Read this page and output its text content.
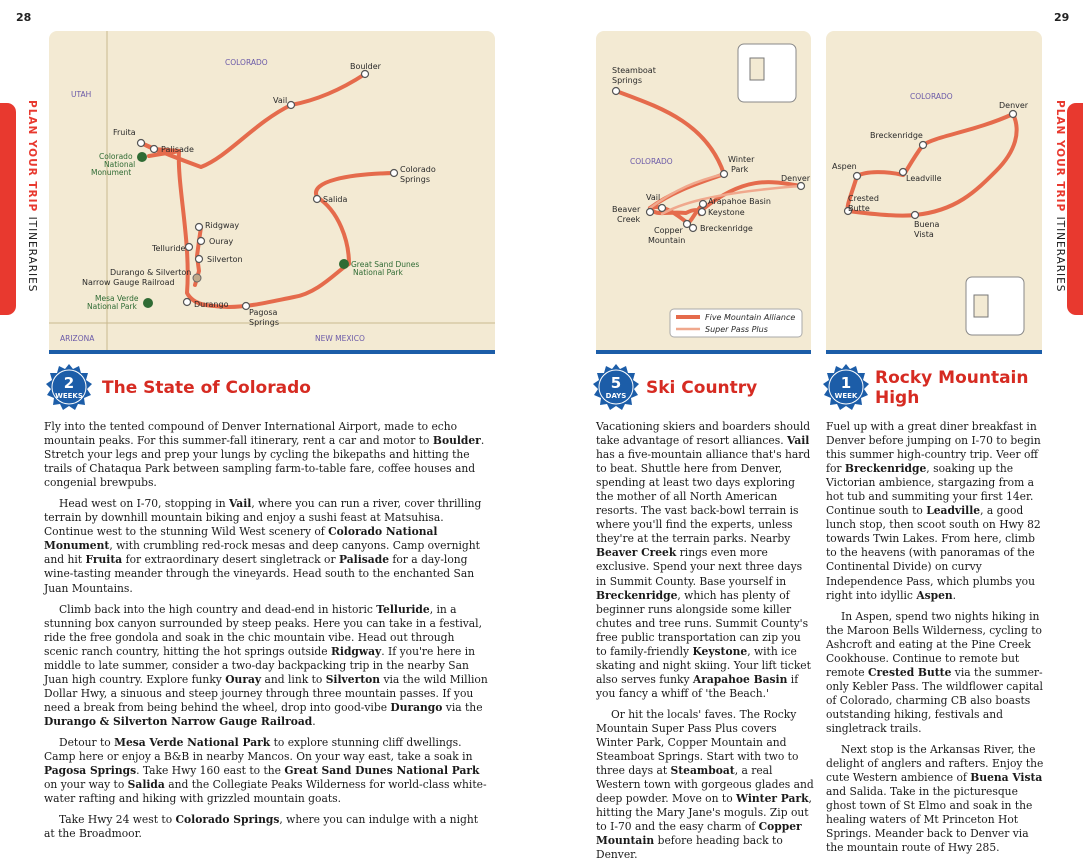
28	29
PLAN YOUR TRIP ITINERARIES
PLAN YOUR TRIP ITINERARIES
COLORADO
UTAH
ARIZONA	NEW MEXICO
Boulder
Vail
Fruita
Palisade
Colorado
Springs
Salida
Ridgway
Ouray
Telluride
Silverton
Durango & Silverton
Narrow Gauge Railroad
Durango
Pagosa
Springs
Colorado
National
Monument
Great Sand Dunes
National Park
Mesa Verde
National Park
COLORADO
Steamboat
Springs
Winter
Park
Denver
Vail
Beaver
Creek
Arapahoe Basin
Keystone
Copper
Mountain
Breckenridge
Five Mountain Alliance
Super Pass Plus
COLORADO
Denver
Breckenridge
Aspen
Leadville
Crested
Butte
Buena
Vista
2
WEEKS The State of Colorado	5
DAYS Ski Country	1
WEEK
Rocky Mountain
High

Fly into the tented compound of Denver International Airport, made to echo mountain peaks. For this summer-fall itinerary, rent a car and motor to Boulder. Stretch your legs and prep your lungs by cycling the bikepaths and hitting the trails of Chataqua Park between sampling farm-to-table fare, coffee houses and congenial brewpubs.

Head west on I-70, stopping in Vail, where you can run a river, cover thrilling terrain by downhill mountain biking and enjoy a sushi feast at Matsuhisa. Continue west to the stunning Wild West scenery of Colorado National Monument, with crumbling red-rock mesas and deep canyons. Camp overnight and hit Fruita for extraordinary desert singletrack or Palisade for a day-long wine-tasting meander through the vineyards. Head south to the enchanted San Juan Mountains.

Climb back into the high country and dead-end in historic Telluride, in a stunning box canyon surrounded by steep peaks. Here you can take in a festival, ride the free gondola and soak in the chic mountain vibe. Head out through scenic ranch country, hitting the hot springs outside Ridgway. If you're here in middle to late summer, consider a two-day backpacking trip in the nearby San Juan high country. Explore funky Ouray and link to Silverton via the wild Million Dollar Hwy, a sinuous and steep journey through three mountain passes. If you need a break from being behind the wheel, drop into good-vibe Durango via the Durango & Silverton Narrow Gauge Railroad.

Detour to Mesa Verde National Park to explore stunning cliff dwellings. Camp here or enjoy a B&B in nearby Mancos. On your way east, take a soak in Pagosa Springs. Take Hwy 160 east to the Great Sand Dunes National Park on your way to Salida and the Collegiate Peaks Wilderness for world-class white-water rafting and hiking with grizzled mountain goats.

Take Hwy 24 west to Colorado Springs, where you can indulge with a night at the Broadmoor.

Vacationing skiers and boarders should take advantage of resort alliances. Vail has a five-mountain alliance that's hard to beat. Shuttle here from Denver, spending at least two days exploring the mother of all North American resorts. The vast back-bowl terrain is where you'll find the experts, unless they're at the terrain parks. Nearby Beaver Creek rings even more exclusive. Spend your next three days in Summit County. Base yourself in Breckenridge, which has plenty of beginner runs alongside some killer chutes and tree runs. Summit County's free public transportation can zip you to family-friendly Keystone, with ice skating and night skiing. Your lift ticket also serves funky Arapahoe Basin if you fancy a whiff of 'the Beach.'

Or hit the locals' faves. The Rocky Mountain Super Pass Plus covers Winter Park, Copper Mountain and Steamboat Springs. Start with two to three days at Steamboat, a real Western town with gorgeous glades and deep powder. Move on to Winter Park, hitting the Mary Jane's moguls. Zip out to I-70 and the easy charm of Copper Mountain before heading back to Denver.

Fuel up with a great diner breakfast in Denver before jumping on I-70 to begin this summer high-country trip. Veer off for Breckenridge, soaking up the Victorian ambience, stargazing from a hot tub and summiting your first 14er. Continue south to Leadville, a good lunch stop, then scoot south on Hwy 82 towards Twin Lakes. From here, climb to the heavens (with panoramas of the Continental Divide) on curvy Independence Pass, which plumbs you right into idyllic Aspen.

In Aspen, spend two nights hiking in the Maroon Bells Wilderness, cycling to Ashcroft and eating at the Pine Creek Cookhouse. Continue to remote but remote Crested Butte via the summer-only Kebler Pass. The wildflower capital of Colorado, charming CB also boasts outstanding hiking, festivals and singletrack trails.

Next stop is the Arkansas River, the delight of anglers and rafters. Enjoy the cute Western ambience of Buena Vista and Salida. Take in the picturesque ghost town of St Elmo and soak in the healing waters of Mt Princeton Hot Springs. Meander back to Denver via the mountain route of Hwy 285.
